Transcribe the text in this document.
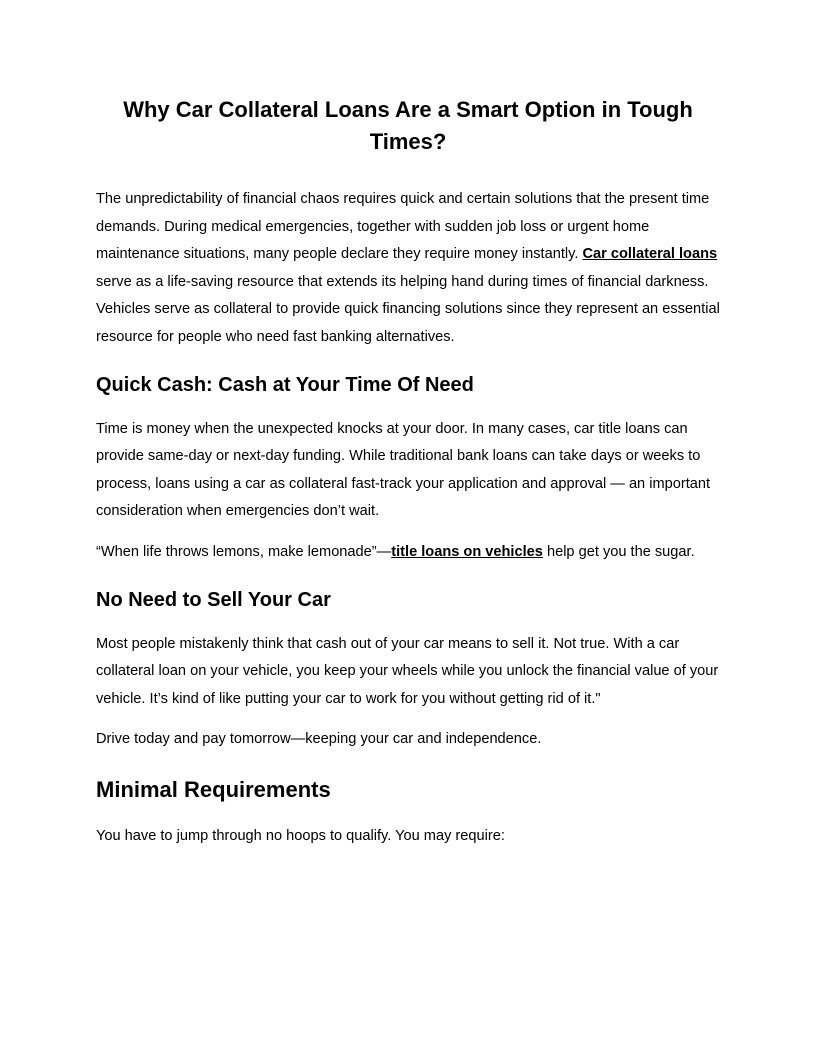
Why Car Collateral Loans Are a Smart Option in Tough Times?

The unpredictability of financial chaos requires quick and certain solutions that the present time demands. During medical emergencies, together with sudden job loss or urgent home maintenance situations, many people declare they require money instantly. Car collateral loans serve as a life-saving resource that extends its helping hand during times of financial darkness. Vehicles serve as collateral to provide quick financing solutions since they represent an essential resource for people who need fast banking alternatives.

Quick Cash: Cash at Your Time Of Need

Time is money when the unexpected knocks at your door. In many cases, car title loans can provide same-day or next-day funding. While traditional bank loans can take days or weeks to process, loans using a car as collateral fast-track your application and approval — an important consideration when emergencies don’t wait.

“When life throws lemons, make lemonade”—title loans on vehicles help get you the sugar.

No Need to Sell Your Car

Most people mistakenly think that cash out of your car means to sell it. Not true. With a car collateral loan on your vehicle, you keep your wheels while you unlock the financial value of your vehicle. It’s kind of like putting your car to work for you without getting rid of it."

Drive today and pay tomorrow—keeping your car and independence.

Minimal Requirements

You have to jump through no hoops to qualify. You may require:
